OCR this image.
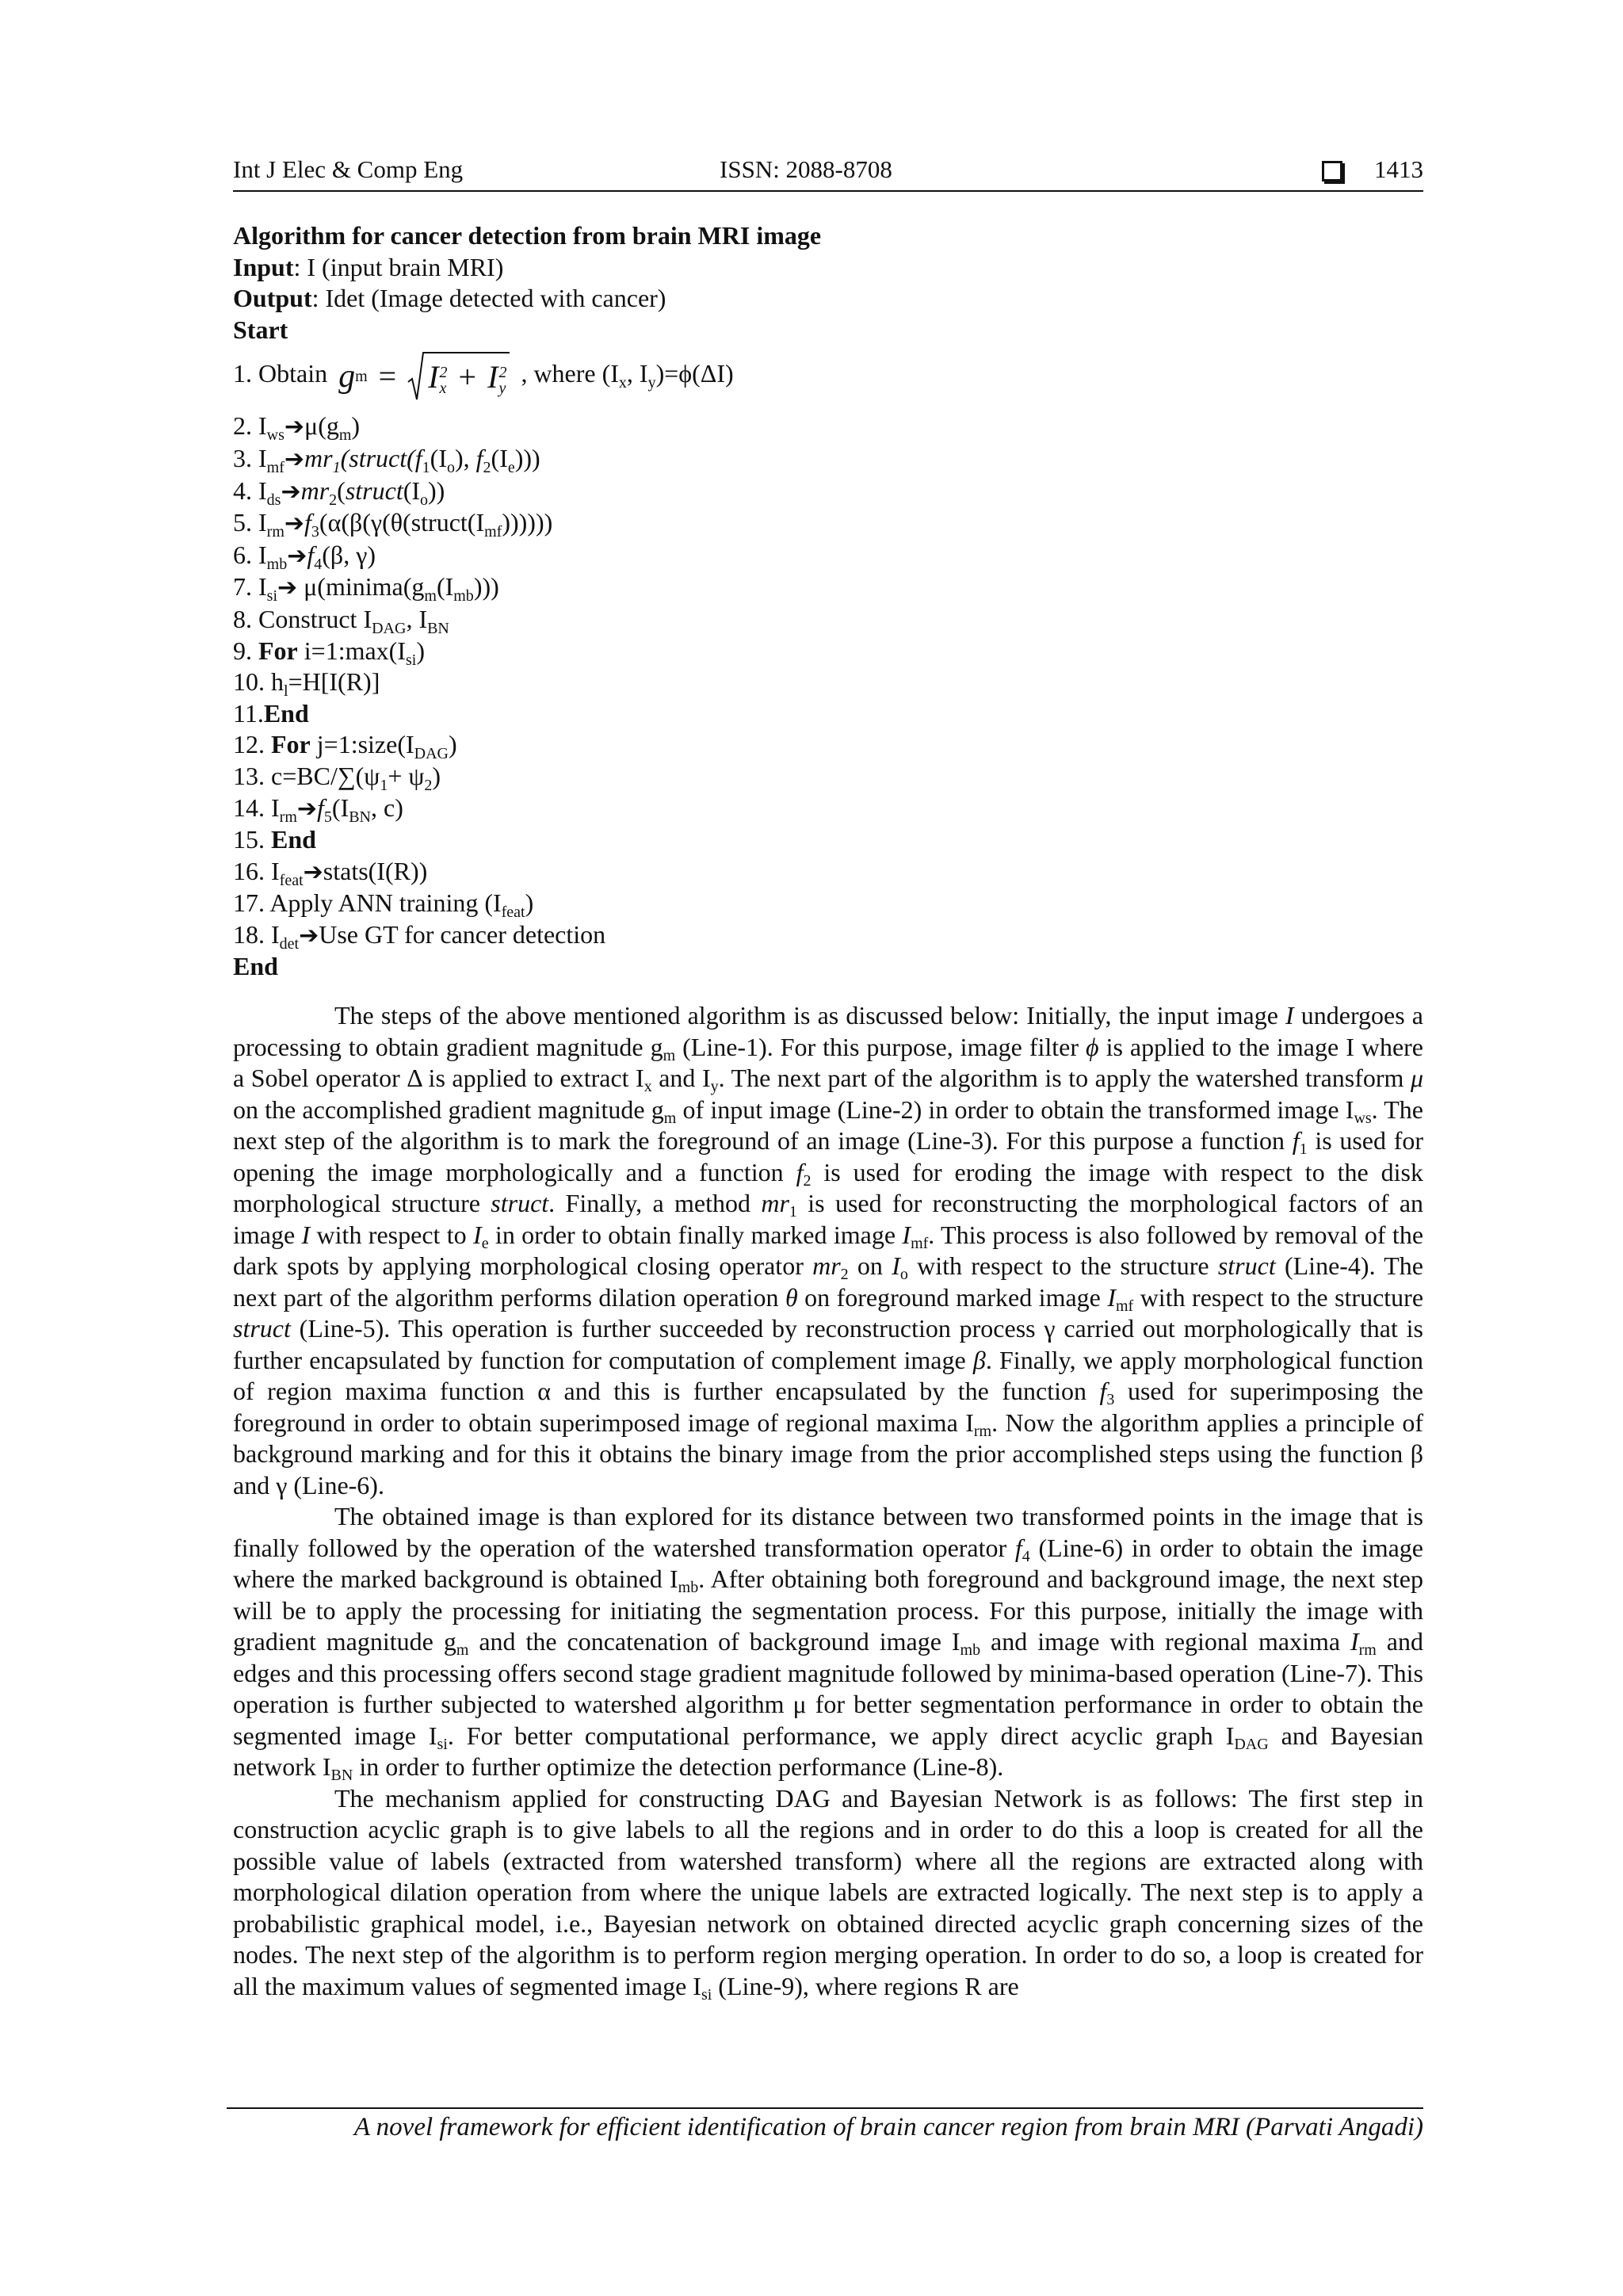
Int J Elec & Comp Eng	ISSN: 2088-8708	1413
Algorithm for cancer detection from brain MRI image
Input: I (input brain MRI)
Output: Idet (Image detected with cancer)
Start
1. Obtain g m = I 2
x + I 2
y
, where ($I_x$, $I_y)=\phi(\Delta I)$
2. $I_{ws}➔\mu(g_m)$
3. $I_{mf}➔mr_1(struct(f_1(I_o)$, $f_2(I_e)$))
4. $I_{ds}➔mr_2(struct(I_o))$
5. $I_{rm}➔f_3(\alpha(\beta(\gamma(\theta(struct(I_{mf}))))))$
6. $I_{mb}➔f_4(\beta$, γ)
7. $I_{si}➔$ $\mu(minima(g_m(I_{mb})))$
8. Construct $I_{DAG}$, $I_{BN}$
9. For $i=1:\max(I_{si})$
10. $h_l=H[I(R)]$
11.End
12. For $j=1:size(I_{DAG})$
13. $c=BC/\sum(\psi_1+ \psi_2)$
14. $I_{rm}➔f_5(I_{BN}$, c)
15. End
16. $I_{feat}➔stats(I(R))$
17. Apply ANN training $(I_{feat})$
18. $I_{det}➔Use$ GT for cancer detection
End

The steps of the above mentioned algorithm is as discussed below: Initially, the input image I undergoes a processing to obtain gradient magnitude $g_m$ (Line-1). For this purpose, image filter ϕ is applied to the image I where a Sobel operator Δ is applied to extract $I_x$ and $I_y$. The next part of the algorithm is to apply the watershed transform μ on the accomplished gradient magnitude $g_m$ of input image (Line-2) in order to obtain the transformed image $I_{ws}$. The next step of the algorithm is to mark the foreground of an image (Line-3). For this purpose a function $f_1$ is used for opening the image morphologically and a function $f_2$ is used for eroding the image with respect to the disk morphological structure struct. Finally, a method $mr_1$ is used for reconstructing the morphological factors of an image I with respect to $I_e$ in order to obtain finally marked image $I_{mf}$. This process is also followed by removal of the dark spots by applying morphological closing operator $mr_2$ on $I_o$ with respect to the structure struct (Line-4). The next part of the algorithm performs dilation operation θ on foreground marked image $I_{mf}$ with respect to the structure struct (Line-5). This operation is further succeeded by reconstruction process γ carried out morphologically that is further encapsulated by function for computation of complement image β. Finally, we apply morphological function of region maxima function α and this is further encapsulated by the function $f_3$ used for superimposing the foreground in order to obtain superimposed image of regional maxima $I_{rm}$. Now the algorithm applies a principle of background marking and for this it obtains the binary image from the prior accomplished steps using the function β and γ (Line-6).

The obtained image is than explored for its distance between two transformed points in the image that is finally followed by the operation of the watershed transformation operator $f_4$ (Line-6) in order to obtain the image where the marked background is obtained $I_{mb}$. After obtaining both foreground and background image, the next step will be to apply the processing for initiating the segmentation process. For this purpose, initially the image with gradient magnitude $g_m$ and the concatenation of background image $I_{mb}$ and image with regional maxima $I_{rm}$ and edges and this processing offers second stage gradient magnitude followed by minima-based operation (Line-7). This operation is further subjected to watershed algorithm μ for better segmentation performance in order to obtain the segmented image $I_{si}$. For better computational performance, we apply direct acyclic graph $I_{DAG}$ and Bayesian network $I_{BN}$ in order to further optimize the detection performance (Line-8).

The mechanism applied for constructing DAG and Bayesian Network is as follows: The first step in construction acyclic graph is to give labels to all the regions and in order to do this a loop is created for all the possible value of labels (extracted from watershed transform) where all the regions are extracted along with morphological dilation operation from where the unique labels are extracted logically. The next step is to apply a probabilistic graphical model, i.e., Bayesian network on obtained directed acyclic graph concerning sizes of the nodes. The next step of the algorithm is to perform region merging operation. In order to do so, a loop is created for all the maximum values of segmented image $I_{si}$ (Line-9), where regions R are

A novel framework for efficient identification of brain cancer region from brain MRI (Parvati Angadi)
